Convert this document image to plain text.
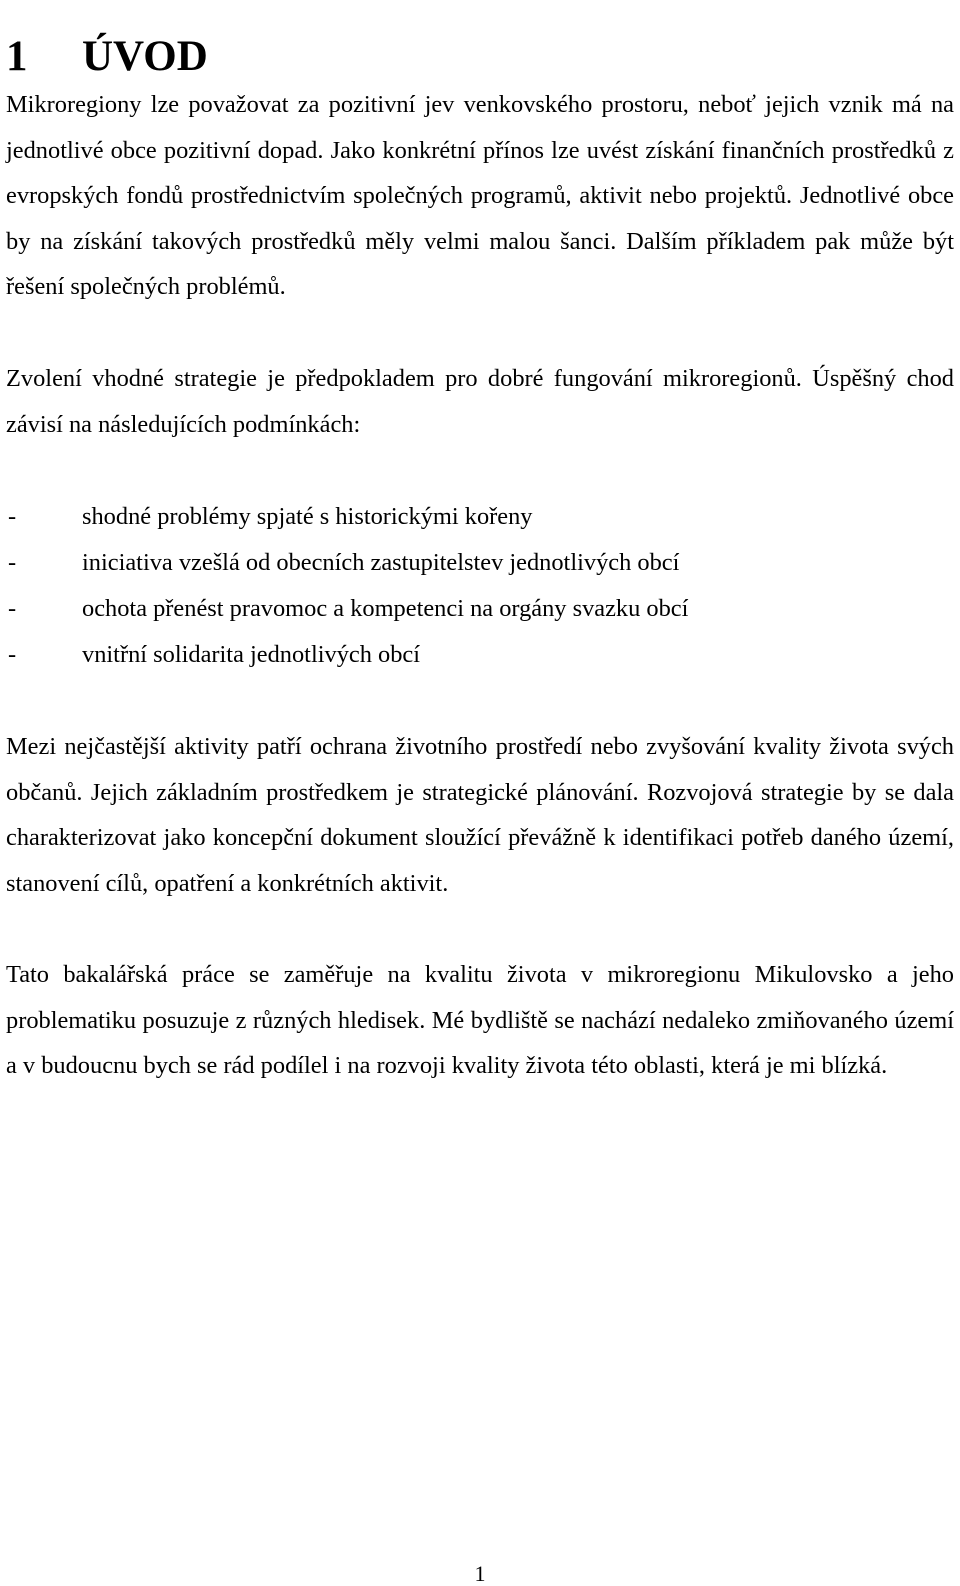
1 ÚVOD

Mikroregiony lze považovat za pozitivní jev venkovského prostoru, neboť jejich vznik má na jednotlivé obce pozitivní dopad. Jako konkrétní přínos lze uvést získání finančních prostředků z evropských fondů prostřednictvím společných programů, aktivit nebo projektů. Jednotlivé obce by na získání takových prostředků měly velmi malou šanci. Dalším příkladem pak může být řešení společných problémů.

Zvolení vhodné strategie je předpokladem pro dobré fungování mikroregionů. Úspěšný chod závisí na následujících podmínkách:

-	shodné problémy spjaté s historickými kořeny
-	iniciativa vzešlá od obecních zastupitelstev jednotlivých obcí
-	ochota přenést pravomoc a kompetenci na orgány svazku obcí
-	vnitřní solidarita jednotlivých obcí

Mezi nejčastější aktivity patří ochrana životního prostředí nebo zvyšování kvality života svých občanů. Jejich základním prostředkem je strategické plánování. Rozvojová strategie by se dala charakterizovat jako koncepční dokument sloužící převážně k identifikaci potřeb daného území, stanovení cílů, opatření a konkrétních aktivit.

Tato bakalářská práce se zaměřuje na kvalitu života v mikroregionu Mikulovsko a jeho problematiku posuzuje z různých hledisek. Mé bydliště se nachází nedaleko zmiňovaného území a v budoucnu bych se rád podílel i na rozvoji kvality života této oblasti, která je mi blízká.

1
